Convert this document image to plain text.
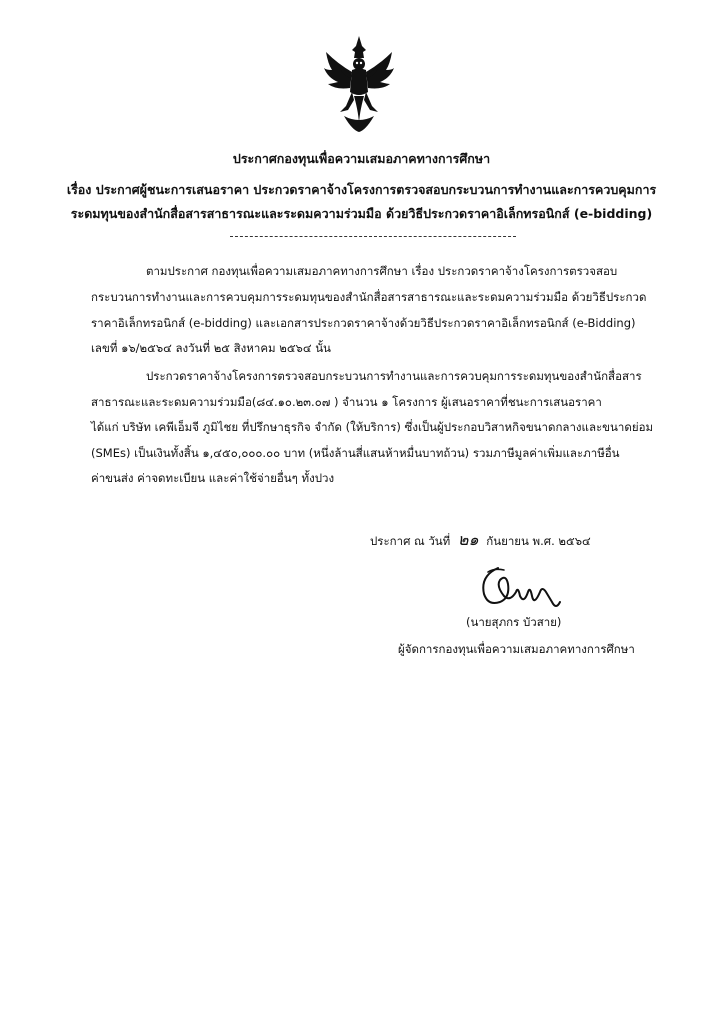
ประกาศกองทุนเพื่อความเสมอภาคทางการศึกษา
เรื่อง ประกาศผู้ชนะการเสนอราคา ประกวดราคาจ้างโครงการตรวจสอบกระบวนการทำงานและการควบคุมการ
ระดมทุนของสำนักสื่อสารสาธารณะและระดมความร่วมมือ ด้วยวิธีประกวดราคาอิเล็กทรอนิกส์ (e-bidding)
ตามประกาศ กองทุนเพื่อความเสมอภาคทางการศึกษา เรื่อง ประกวดราคาจ้างโครงการตรวจสอบ
กระบวนการทำงานและการควบคุมการระดมทุนของสำนักสื่อสารสาธารณะและระดมความร่วมมือ ด้วยวิธีประกวด
ราคาอิเล็กทรอนิกส์ (e-bidding) และเอกสารประกวดราคาจ้างด้วยวิธีประกวดราคาอิเล็กทรอนิกส์ (e-Bidding)
เลขที่ ๑๖/๒๕๖๔ ลงวันที่ ๒๕ สิงหาคม ๒๕๖๔ นั้น
ประกวดราคาจ้างโครงการตรวจสอบกระบวนการทำงานและการควบคุมการระดมทุนของสำนักสื่อสาร
สาธารณะและระดมความร่วมมือ(๘๔.๑๐.๒๓.๐๗ ) จำนวน ๑ โครงการ ผู้เสนอราคาที่ชนะการเสนอราคา
ได้แก่ บริษัท เคพีเอ็มจี ภูมิไชย ที่ปรึกษาธุรกิจ จำกัด (ให้บริการ) ซึ่งเป็นผู้ประกอบวิสาหกิจขนาดกลางและขนาดย่อม
(SMEs) เป็นเงินทั้งสิ้น ๑,๔๕๐,๐๐๐.๐๐ บาท (หนึ่งล้านสี่แสนห้าหมื่นบาทถ้วน) รวมภาษีมูลค่าเพิ่มและภาษีอื่น
ค่าขนส่ง ค่าจดทะเบียน และค่าใช้จ่ายอื่นๆ ทั้งปวง
ประกาศ ณ วันที่ ๒๑ กันยายน พ.ศ. ๒๕๖๔
(นายสุภกร บัวสาย)
ผู้จัดการกองทุนเพื่อความเสมอภาคทางการศึกษา
